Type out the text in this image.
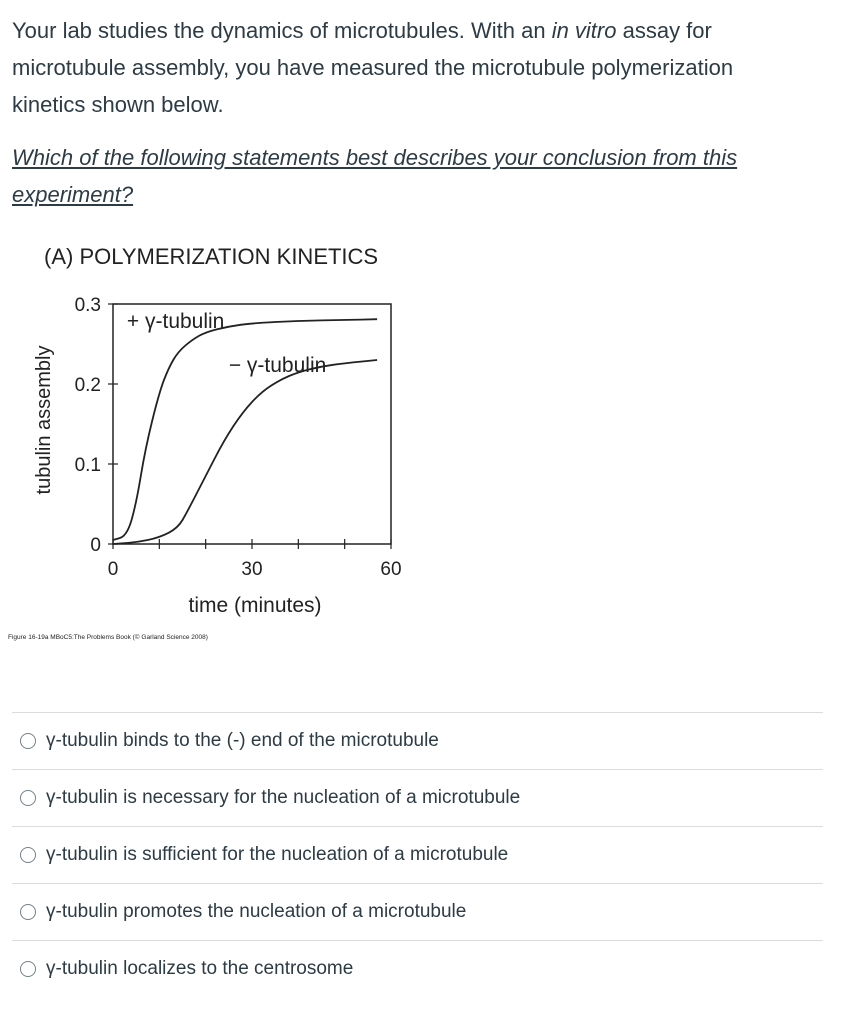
Your lab studies the dynamics of microtubules. With an in vitro assay for microtubule assembly, you have measured the microtubule polymerization kinetics shown below.

Which of the following statements best describes your conclusion from this experiment?

(A) POLYMERIZATION KINETICS
tubulin assembly
time (minutes)
Figure 16-19a MBoC5:The Problems Book (© Garland Science 2008)
0
0.1
0.2
0.3
0	30	60
+ γ-tubulin
− γ-tubulin
γ-tubulin binds to the (-) end of the microtubule
γ-tubulin is necessary for the nucleation of a microtubule
γ-tubulin is sufficient for the nucleation of a microtubule
γ-tubulin promotes the nucleation of a microtubule
γ-tubulin localizes to the centrosome
